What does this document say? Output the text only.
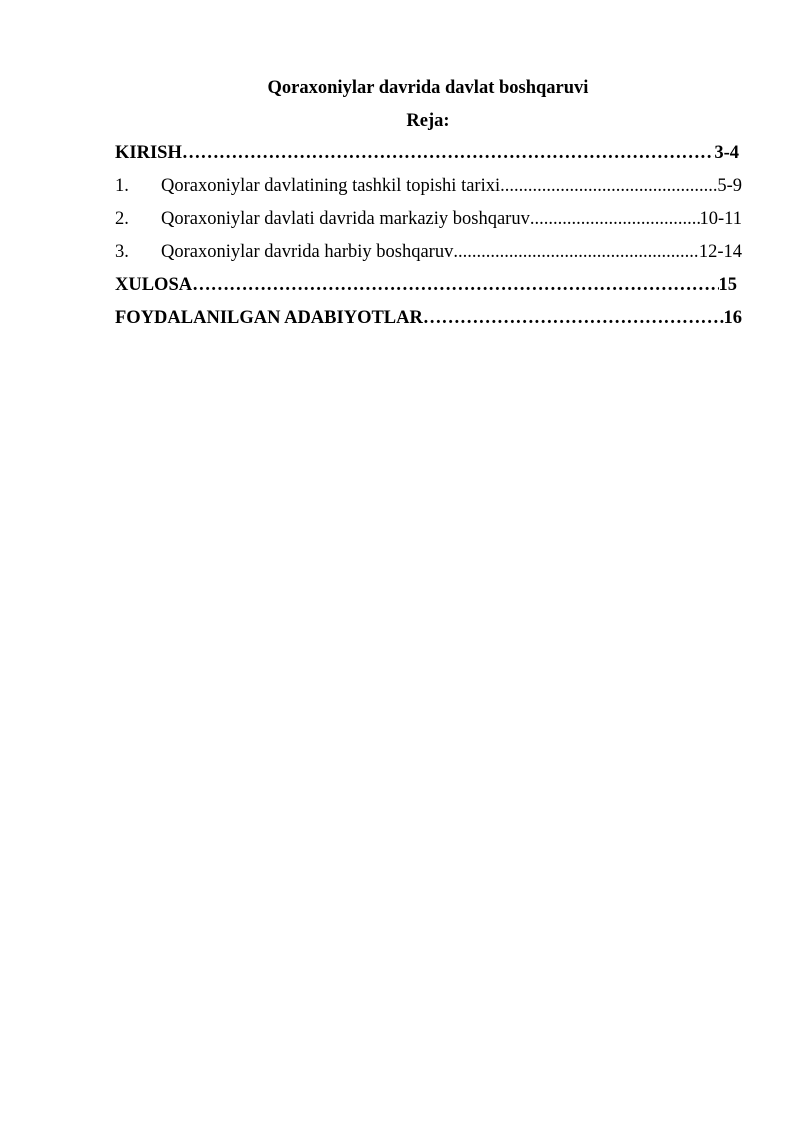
Qoraxoniylar davrida davlat boshqaruvi
Reja:
KIRISH ……………………………………………………………………………………………………………………………………………………………………………	3-4
1.	Qoraxoniylar davlatining tashkil topishi tarixi .....	5-9
2.	Qoraxoniylar davlati davrida markaziy boshqaruv .....	10-11
3.	Qoraxoniylar davrida harbiy boshqaruv .....	12-14
XULOSA ……………………………………………………………………………………………………………………………………………………………………………	15
FOYDALANILGAN ADABIYOTLAR ……………………………………………………………………………………………………………………………………………………………………………	16
